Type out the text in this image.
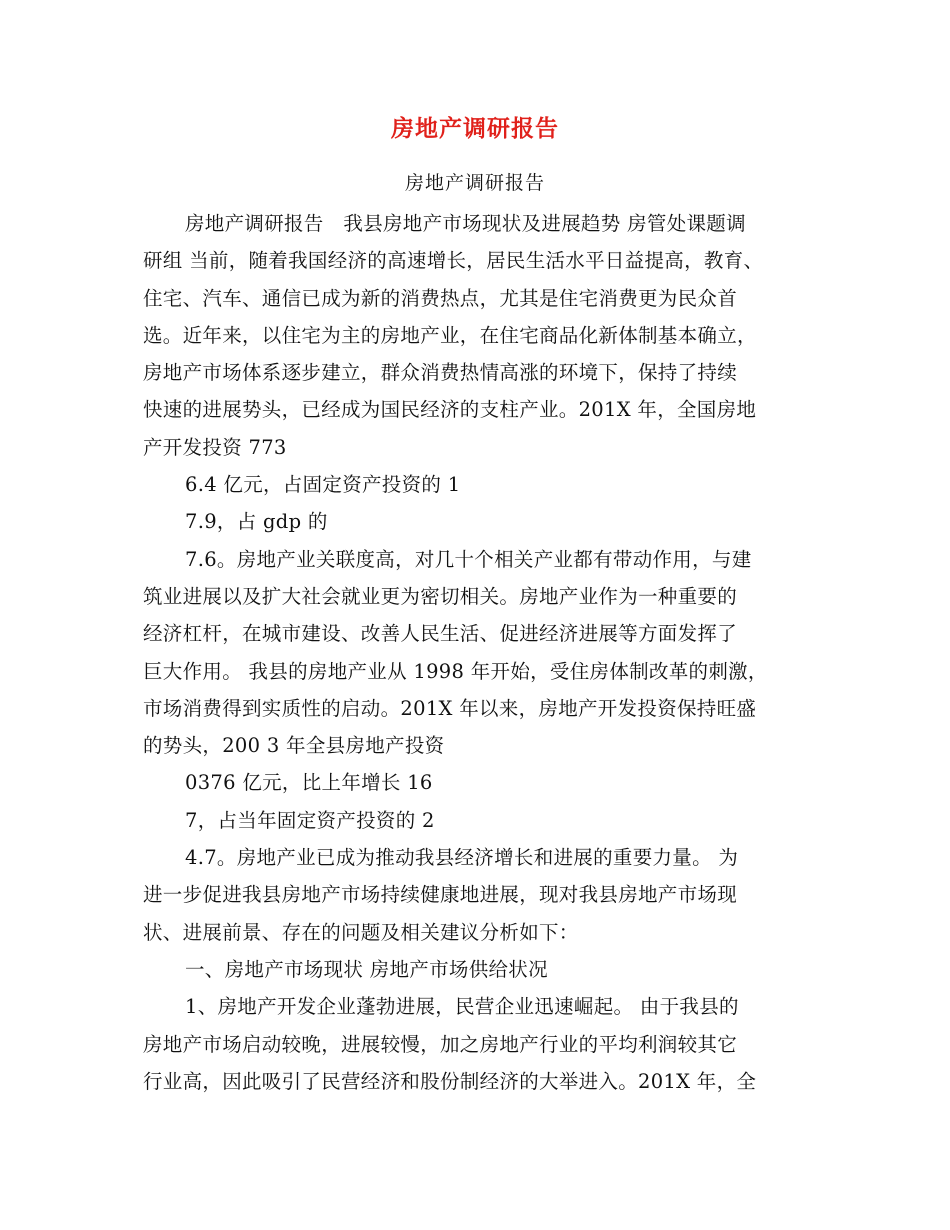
房地产调研报告
房地产调研报告
房地产调研报告　我县房地产市场现状及进展趋势 房管处课题调
研组 当前，随着我国经济的高速增长，居民生活水平日益提高，教育、
住宅、汽车、通信已成为新的消费热点，尤其是住宅消费更为民众首
选。近年来，以住宅为主的房地产业，在住宅商品化新体制基本确立，
房地产市场体系逐步建立，群众消费热情高涨的环境下，保持了持续
快速的进展势头，已经成为国民经济的支柱产业。201X 年，全国房地
产开发投资 773
6.4 亿元，占固定资产投资的 1
7.9，占 gdp 的
7.6。房地产业关联度高，对几十个相关产业都有带动作用，与建
筑业进展以及扩大社会就业更为密切相关。房地产业作为一种重要的
经济杠杆，在城市建设、改善人民生活、促进经济进展等方面发挥了
巨大作用。 我县的房地产业从 1998 年开始，受住房体制改革的刺激，
市场消费得到实质性的启动。201X 年以来，房地产开发投资保持旺盛
的势头，200 3 年全县房地产投资
0376 亿元，比上年增长 16
7，占当年固定资产投资的 2
4.7。房地产业已成为推动我县经济增长和进展的重要力量。 为
进一步促进我县房地产市场持续健康地进展，现对我县房地产市场现
状、进展前景、存在的问题及相关建议分析如下：
一、房地产市场现状 房地产市场供给状况
1、房地产开发企业蓬勃进展，民营企业迅速崛起。 由于我县的
房地产市场启动较晚，进展较慢，加之房地产行业的平均利润较其它
行业高，因此吸引了民营经济和股份制经济的大举进入。201X 年，全
